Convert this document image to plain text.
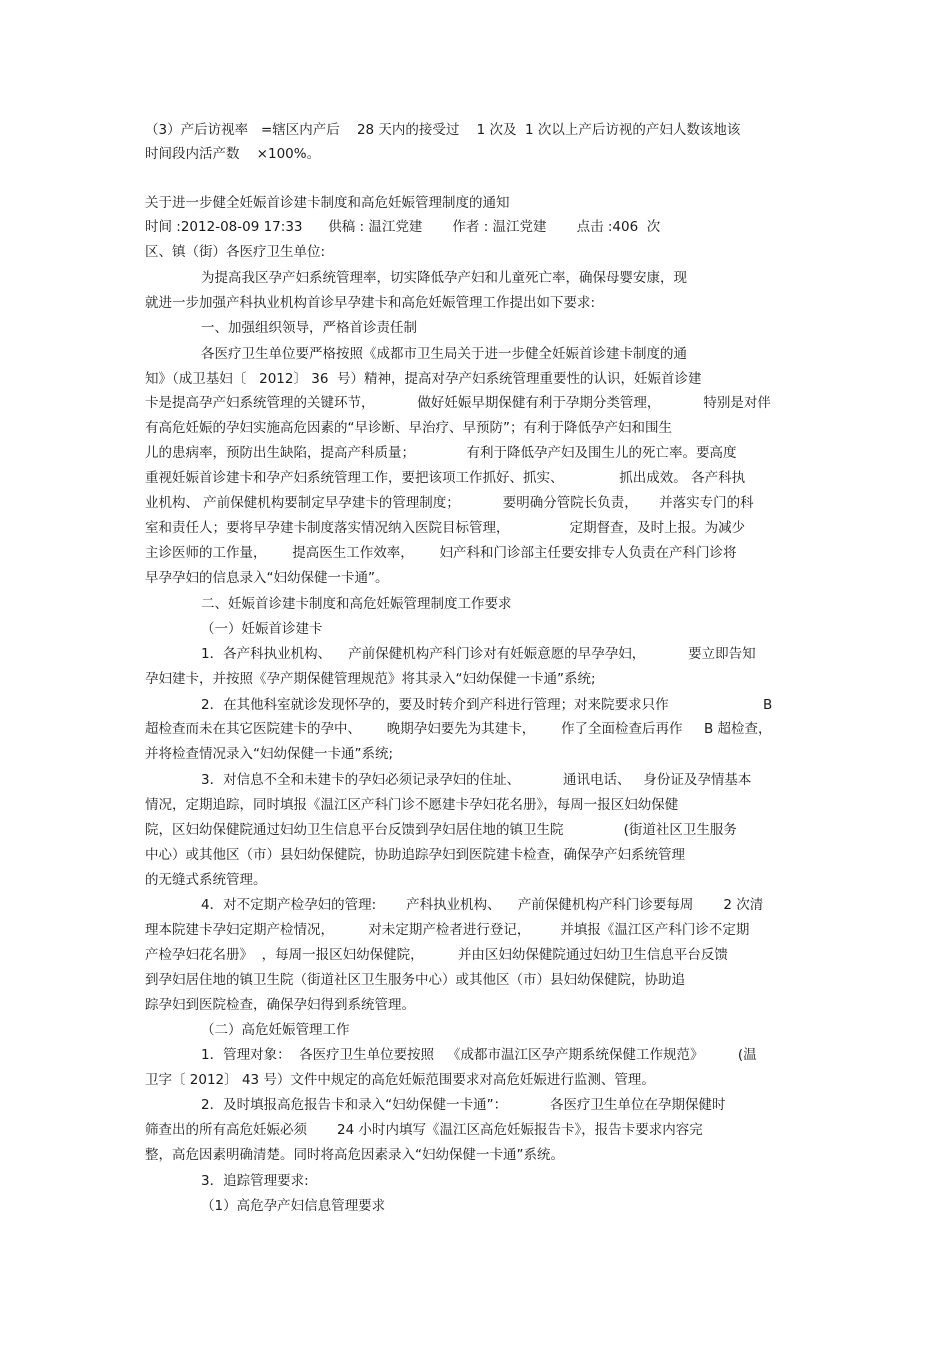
（3）产后访视率   =辖区内产后    28 天内的接受过    1 次及  1 次以上产后访视的产妇人数该地该
时间段内活产数    ×100%。
关于进一步健全妊娠首诊建卡制度和高危妊娠管理制度的通知
时间 :2012-08-09 17:33      供稿 : 温江党建       作者 : 温江党建       点击 :406  次
区、镇（街）各医疗卫生单位:
为提高我区孕产妇系统管理率，切实降低孕产妇和儿童死亡率，确保母婴安康，现
就进一步加强产科执业机构首诊早孕建卡和高危妊娠管理工作提出如下要求:
一、加强组织领导，严格首诊责任制
各医疗卫生单位要严格按照《成都市卫生局关于进一步健全妊娠首诊建卡制度的通
知》（成卫基妇〔   2012〕 36  号）精神，提高对孕产妇系统管理重要性的认识，妊娠首诊建
卡是提高孕产妇系统管理的关键环节，          做好妊娠早期保健有利于孕期分类管理，          特别是对伴
有高危妊娠的孕妇实施高危因素的“早诊断、早治疗、早预防”；有利于降低孕产妇和围生
儿的患病率，预防出生缺陷，提高产科质量；            有利于降低孕产妇及围生儿的死亡率。要高度
重视妊娠首诊建卡和孕产妇系统管理工作，要把该项工作抓好、抓实、             抓出成效。 各产科执
业机构、 产前保健机构要制定早孕建卡的管理制度；          要明确分管院长负责，     并落实专门的科
室和责任人；要将早孕建卡制度落实情况纳入医院目标管理，              定期督查，及时上报。为减少
主诊医师的工作量，      提高医生工作效率，      妇产科和门诊部主任要安排专人负责在产科门诊将
早孕孕妇的信息录入“妇幼保健一卡通”。
二、妊娠首诊建卡制度和高危妊娠管理制度工作要求
（一）妊娠首诊建卡
1．各产科执业机构、    产前保健机构产科门诊对有妊娠意愿的早孕孕妇，          要立即告知
孕妇建卡，并按照《孕产期保健管理规范》将其录入“妇幼保健一卡通”系统;
2．在其他科室就诊发现怀孕的，要及时转介到产科进行管理；对来院要求只作                      B
超检查而未在其它医院建卡的孕中、      晚期孕妇要先为其建卡，      作了全面检查后再作     B 超检查，
并将检查情况录入“妇幼保健一卡通”系统;
3．对信息不全和未建卡的孕妇必须记录孕妇的住址、          通讯电话、   身份证及孕情基本
情况，定期追踪，同时填报《温江区产科门诊不愿建卡孕妇花名册》，每周一报区妇幼保健
院，区妇幼保健院通过妇幼卫生信息平台反馈到孕妇居住地的镇卫生院              (街道社区卫生服务
中心）或其他区（市）县妇幼保健院，协助追踪孕妇到医院建卡检查，确保孕产妇系统管理
的无缝式系统管理。
4．对不定期产检孕妇的管理:       产科执业机构、    产前保健机构产科门诊要每周       2 次清
理本院建卡孕妇定期产检情况，        对未定期产检者进行登记，       并填报《温江区产科门诊不定期
产检孕妇花名册》  ，每周一报区妇幼保健院，        并由区妇幼保健院通过妇幼卫生信息平台反馈
到孕妇居住地的镇卫生院（街道社区卫生服务中心）或其他区（市）县妇幼保健院，协助追
踪孕妇到医院检查，确保孕妇得到系统管理。
（二）高危妊娠管理工作
1．管理对象：  各医疗卫生单位要按照   《成都市温江区孕产期系统保健工作规范》        (温
卫字〔 2012〕 43 号）文件中规定的高危妊娠范围要求对高危妊娠进行监测、管理。
2．及时填报高危报告卡和录入“妇幼保健一卡通”：          各医疗卫生单位在孕期保健时
筛查出的所有高危妊娠必须       24 小时内填写《温江区高危妊娠报告卡》，报告卡要求内容完
整，高危因素明确清楚。同时将高危因素录入“妇幼保健一卡通”系统。
3．追踪管理要求:
（1）高危孕产妇信息管理要求
